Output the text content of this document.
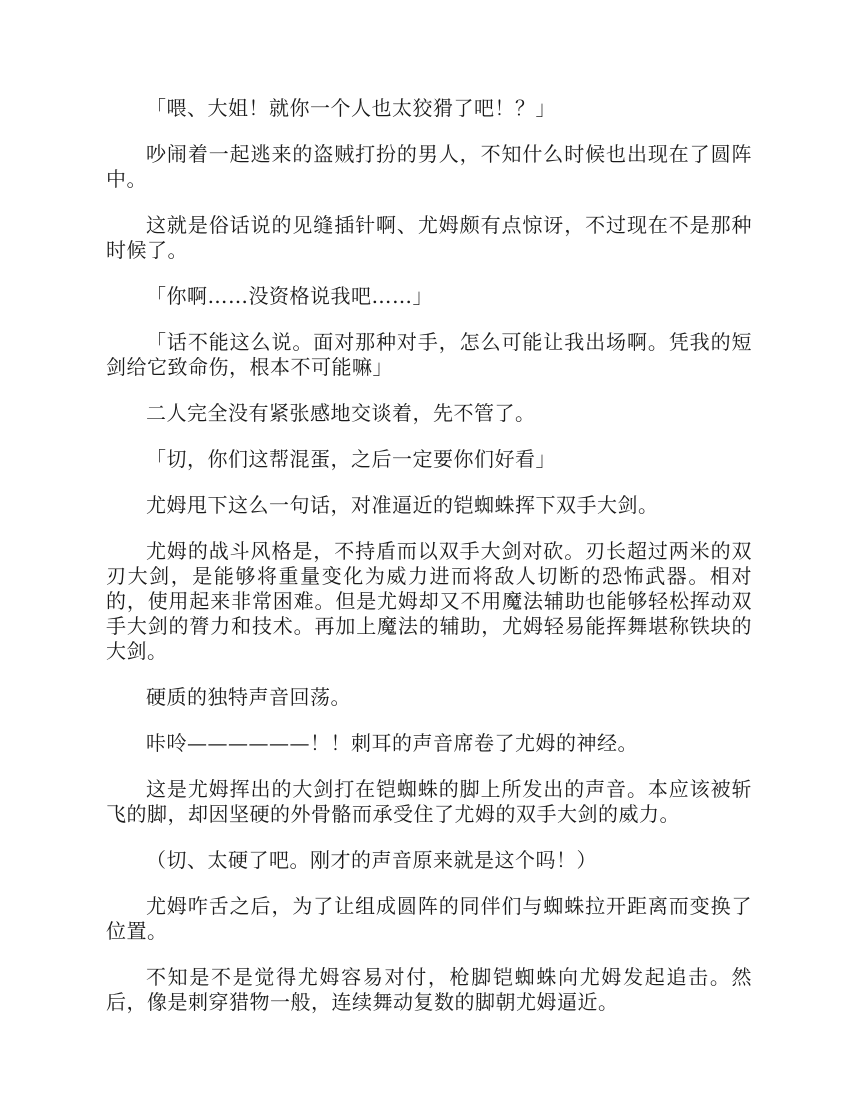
「喂、大姐！就你一个人也太狡猾了吧！？」

吵闹着一起逃来的盗贼打扮的男人，不知什么时候也出现在了圆阵中。

这就是俗话说的见缝插针啊、尤姆颇有点惊讶，不过现在不是那种时候了。

「你啊……没资格说我吧……」

「话不能这么说。面对那种对手，怎么可能让我出场啊。凭我的短剑给它致命伤，根本不可能嘛」

二人完全没有紧张感地交谈着，先不管了。

「切，你们这帮混蛋，之后一定要你们好看」

尤姆甩下这么一句话，对准逼近的铠蜘蛛挥下双手大剑。

尤姆的战斗风格是，不持盾而以双手大剑对砍。刃长超过两米的双刃大剑，是能够将重量变化为威力进而将敌人切断的恐怖武器。相对的，使用起来非常困难。但是尤姆却又不用魔法辅助也能够轻松挥动双手大剑的膂力和技术。再加上魔法的辅助，尤姆轻易能挥舞堪称铁块的大剑。

硬质的独特声音回荡。

咔呤——————！！刺耳的声音席卷了尤姆的神经。

这是尤姆挥出的大剑打在铠蜘蛛的脚上所发出的声音。本应该被斩飞的脚，却因坚硬的外骨骼而承受住了尤姆的双手大剑的威力。

（切、太硬了吧。刚才的声音原来就是这个吗！）

尤姆咋舌之后，为了让组成圆阵的同伴们与蜘蛛拉开距离而变换了位置。

不知是不是觉得尤姆容易对付，枪脚铠蜘蛛向尤姆发起追击。然后，像是刺穿猎物一般，连续舞动复数的脚朝尤姆逼近。
